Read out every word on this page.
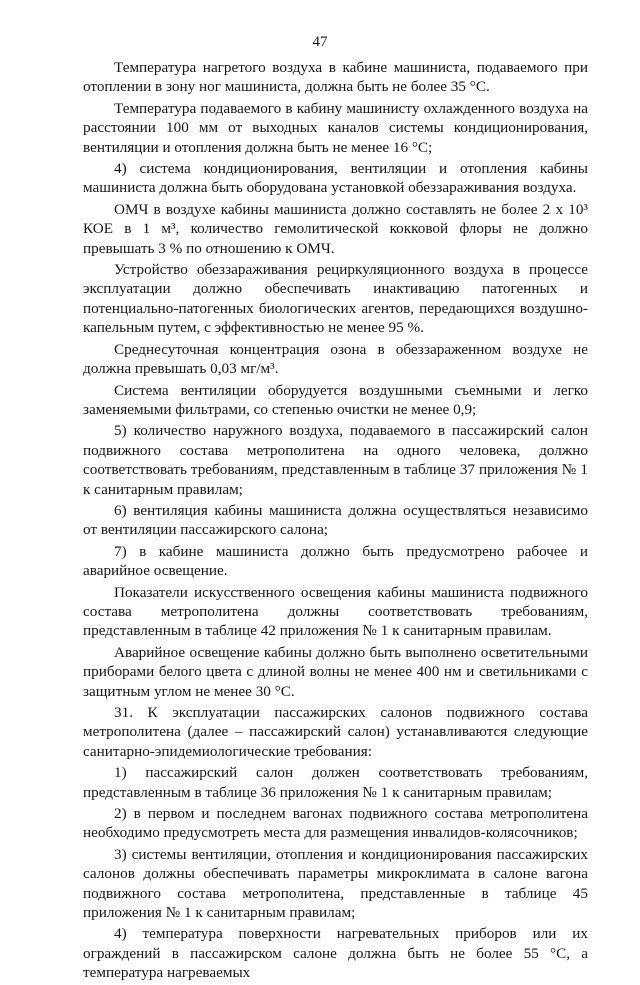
47

Температура нагретого воздуха в кабине машиниста, подаваемого при отоплении в зону ног машиниста, должна быть не более 35 °С.

Температура подаваемого в кабину машинисту охлажденного воздуха на расстоянии 100 мм от выходных каналов системы кондиционирования, вентиляции и отопления должна быть не менее 16 °С;

4) система кондиционирования, вентиляции и отопления кабины машиниста должна быть оборудована установкой обеззараживания воздуха.

ОМЧ в воздухе кабины машиниста должно составлять не более 2 х 10³ КОЕ в 1 м³, количество гемолитической кокковой флоры не должно превышать 3 % по отношению к ОМЧ.

Устройство обеззараживания рециркуляционного воздуха в процессе эксплуатации должно обеспечивать инактивацию патогенных и потенциально-патогенных биологических агентов, передающихся воздушно-капельным путем, с эффективностью не менее 95 %.

Среднесуточная концентрация озона в обеззараженном воздухе не должна превышать 0,03 мг/м³.

Система вентиляции оборудуется воздушными съемными и легко заменяемыми фильтрами, со степенью очистки не менее 0,9;

5) количество наружного воздуха, подаваемого в пассажирский салон подвижного состава метрополитена на одного человека, должно соответствовать требованиям, представленным в таблице 37 приложения № 1 к санитарным правилам;

6) вентиляция кабины машиниста должна осуществляться независимо от вентиляции пассажирского салона;

7) в кабине машиниста должно быть предусмотрено рабочее и аварийное освещение.

Показатели искусственного освещения кабины машиниста подвижного состава метрополитена должны соответствовать требованиям, представленным в таблице 42 приложения № 1 к санитарным правилам.

Аварийное освещение кабины должно быть выполнено осветительными приборами белого цвета с длиной волны не менее 400 нм и светильниками с защитным углом не менее 30 °С.

31. К эксплуатации пассажирских салонов подвижного состава метрополитена (далее – пассажирский салон) устанавливаются следующие санитарно-эпидемиологические требования:

1) пассажирский салон должен соответствовать требованиям, представленным в таблице 36 приложения № 1 к санитарным правилам;

2) в первом и последнем вагонах подвижного состава метрополитена необходимо предусмотреть места для размещения инвалидов-колясочников;

3) системы вентиляции, отопления и кондиционирования пассажирских салонов должны обеспечивать параметры микроклимата в салоне вагона подвижного состава метрополитена, представленные в таблице 45 приложения № 1 к санитарным правилам;

4) температура поверхности нагревательных приборов или их ограждений в пассажирском салоне должна быть не более 55 °С, а температура нагреваемых
